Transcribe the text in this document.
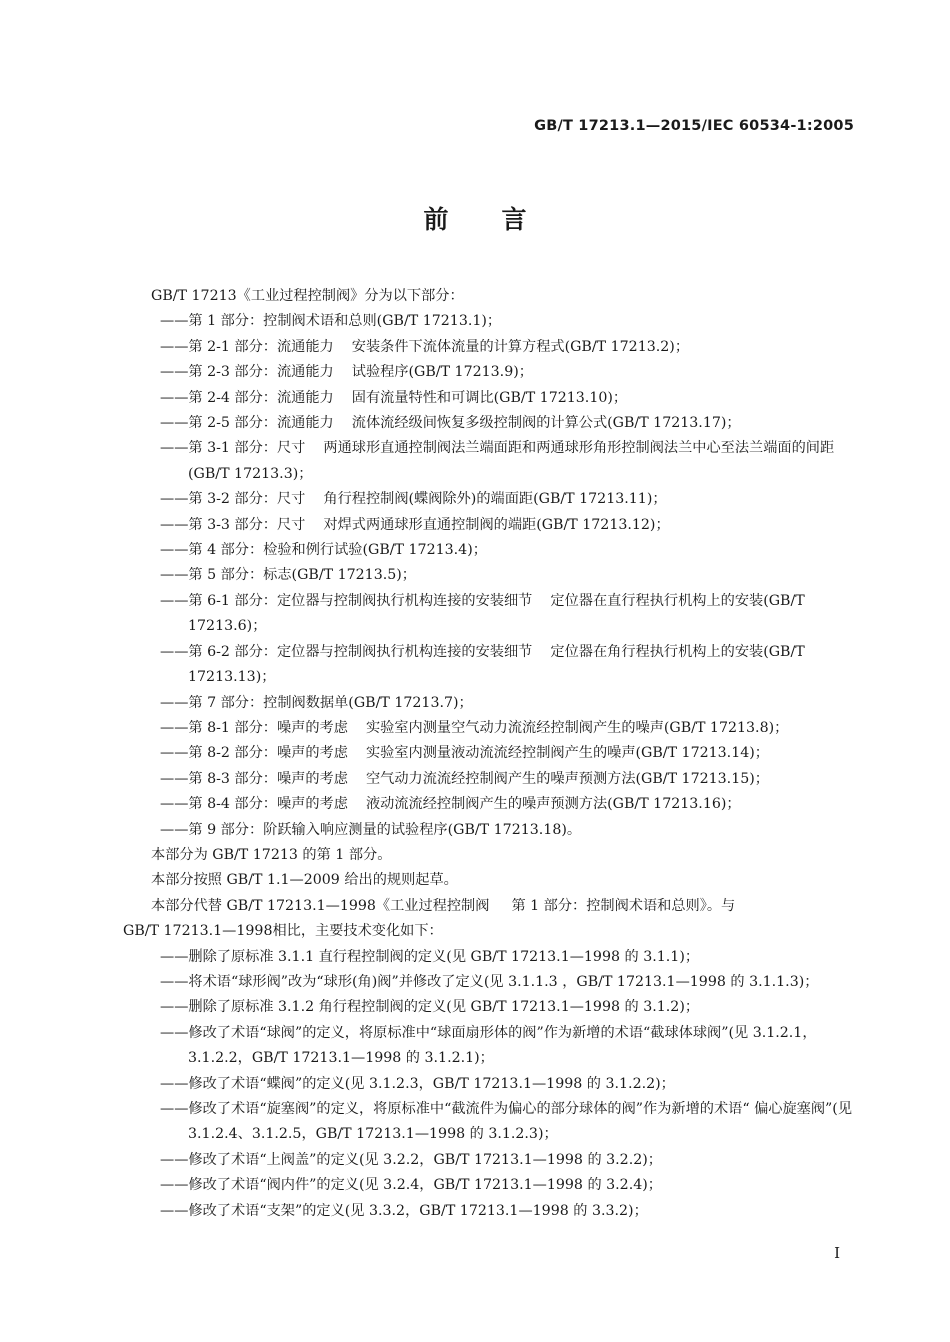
GB/T 17213.1—2015/IEC 60534-1:2005
前 言
GB/T 17213《工业过程控制阀》分为以下部分：
——第 1 部分：控制阀术语和总则(GB/T 17213.1)；
——第 2-1 部分：流通能力 安装条件下流体流量的计算方程式(GB/T 17213.2)；
——第 2-3 部分：流通能力 试验程序(GB/T 17213.9)；
——第 2-4 部分：流通能力 固有流量特性和可调比(GB/T 17213.10)；
——第 2-5 部分：流通能力 流体流经级间恢复多级控制阀的计算公式(GB/T 17213.17)；
——第 3-1 部分：尺寸 两通球形直通控制阀法兰端面距和两通球形角形控制阀法兰中心至法兰端面的间距(GB/T 17213.3)；
——第 3-2 部分：尺寸 角行程控制阀(蝶阀除外)的端面距(GB/T 17213.11)；
——第 3-3 部分：尺寸 对焊式两通球形直通控制阀的端距(GB/T 17213.12)；
——第 4 部分：检验和例行试验(GB/T 17213.4)；
——第 5 部分：标志(GB/T 17213.5)；
——第 6-1 部分：定位器与控制阀执行机构连接的安装细节 定位器在直行程执行机构上的安装(GB/T 17213.6)；
——第 6-2 部分：定位器与控制阀执行机构连接的安装细节 定位器在角行程执行机构上的安装(GB/T 17213.13)；
——第 7 部分：控制阀数据单(GB/T 17213.7)；
——第 8-1 部分：噪声的考虑 实验室内测量空气动力流流经控制阀产生的噪声(GB/T 17213.8)；
——第 8-2 部分：噪声的考虑 实验室内测量液动流流经控制阀产生的噪声(GB/T 17213.14)；
——第 8-3 部分：噪声的考虑 空气动力流流经控制阀产生的噪声预测方法(GB/T 17213.15)；
——第 8-4 部分：噪声的考虑 液动流流经控制阀产生的噪声预测方法(GB/T 17213.16)；
——第 9 部分：阶跃输入响应测量的试验程序(GB/T 17213.18)。
本部分为 GB/T 17213 的第 1 部分。
本部分按照 GB/T 1.1—2009 给出的规则起草。
本部分代替 GB/T 17213.1—1998《工业过程控制阀 第 1 部分：控制阀术语和总则》。与
GB/T 17213.1—1998相比，主要技术变化如下：
——删除了原标准 3.1.1 直行程控制阀的定义(见 GB/T 17213.1—1998 的 3.1.1)；
——将术语“球形阀”改为“球形(角)阀”并修改了定义(见 3.1.1.3 ，GB/T 17213.1—1998 的 3.1.1.3)；
——删除了原标准 3.1.2 角行程控制阀的定义(见 GB/T 17213.1—1998 的 3.1.2)；
——修改了术语“球阀”的定义，将原标准中“球面扇形体的阀”作为新增的术语“截球体球阀”(见 3.1.2.1，3.1.2.2，GB/T 17213.1—1998 的 3.1.2.1)；
——修改了术语“蝶阀”的定义(见 3.1.2.3，GB/T 17213.1—1998 的 3.1.2.2)；
——修改了术语“旋塞阀”的定义，将原标准中“截流件为偏心的部分球体的阀”作为新增的术语“ 偏心旋塞阀”(见 3.1.2.4、3.1.2.5，GB/T 17213.1—1998 的 3.1.2.3)；
——修改了术语“上阀盖”的定义(见 3.2.2，GB/T 17213.1—1998 的 3.2.2)；
——修改了术语“阀内件”的定义(见 3.2.4，GB/T 17213.1—1998 的 3.2.4)；
——修改了术语“支架”的定义(见 3.3.2，GB/T 17213.1—1998 的 3.3.2)；
I
